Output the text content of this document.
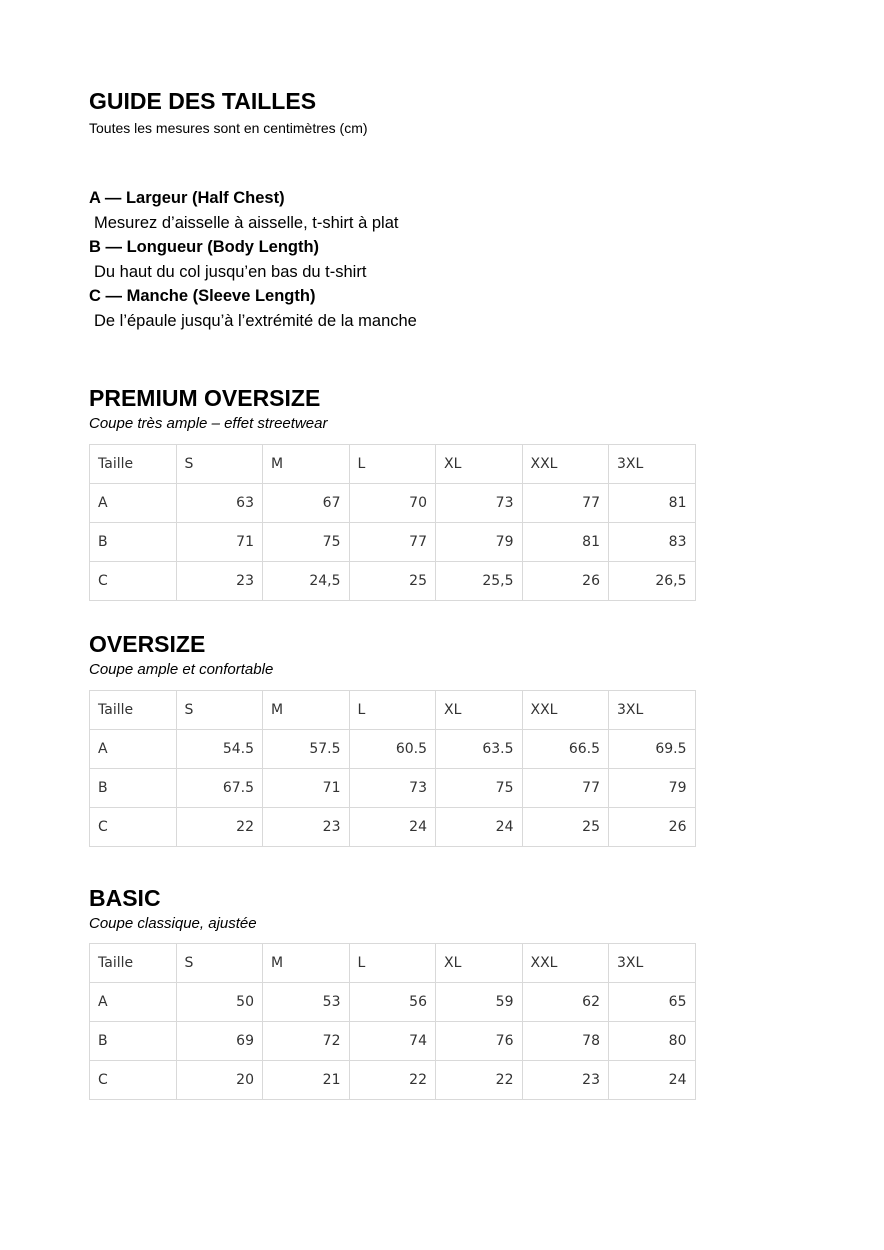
GUIDE DES TAILLES
Toutes les mesures sont en centimètres (cm)
A — Largeur (Half Chest)
Mesurez d’aisselle à aisselle, t-shirt à plat
B — Longueur (Body Length)
Du haut du col jusqu’en bas du t-shirt
C — Manche (Sleeve Length)
De l’épaule jusqu’à l’extrémité de la manche
PREMIUM OVERSIZE
Coupe très ample – effet streetwear
Taille	S	M	L	XL	XXL	3XL
A	63	67	70	73	77	81
B	71	75	77	79	81	83
C	23	24,5	25	25,5	26	26,5
OVERSIZE
Coupe ample et confortable
Taille	S	M	L	XL	XXL	3XL
A	54.5	57.5	60.5	63.5	66.5	69.5
B	67.5	71	73	75	77	79
C	22	23	24	24	25	26
BASIC
Coupe classique, ajustée
Taille	S	M	L	XL	XXL	3XL
A	50	53	56	59	62	65
B	69	72	74	76	78	80
C	20	21	22	22	23	24
